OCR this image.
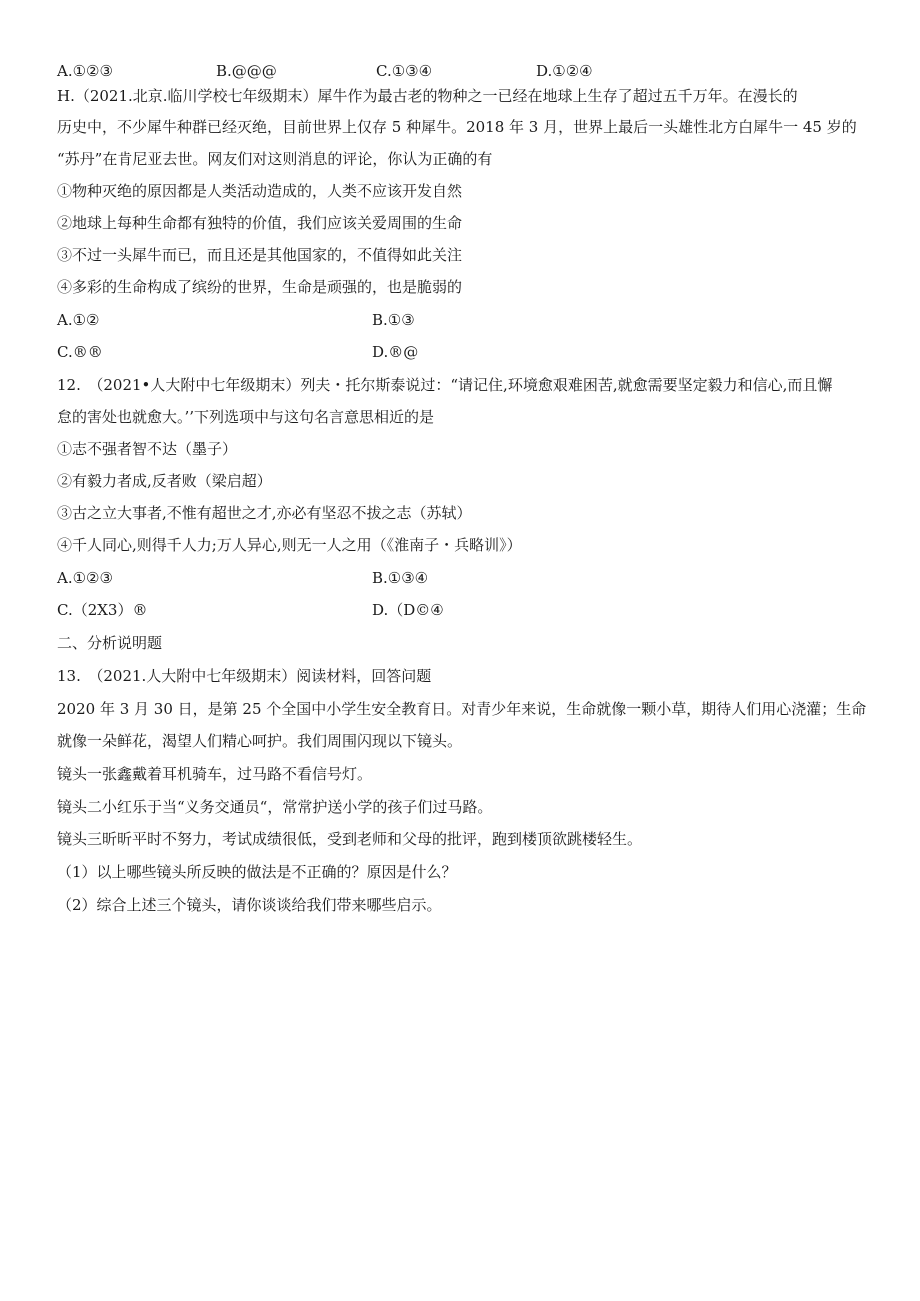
A.①②③	B.@@@	C.①③④	D.①②④
H.（2021.北京.临川学校七年级期末）犀牛作为最古老的物种之一已经在地球上生存了超过五千万年。在漫长的
历史中，不少犀牛种群已经灭绝，目前世界上仅存 5 种犀牛。2018 年 3 月，世界上最后一头雄性北方白犀牛一 45 岁的
“苏丹”在肯尼亚去世。网友们对这则消息的评论，你认为正确的有
①物种灭绝的原因都是人类活动造成的，人类不应该开发自然
②地球上每种生命都有独特的价值，我们应该关爱周围的生命
③不过一头犀牛而已，而且还是其他国家的，不值得如此关注
④多彩的生命构成了缤纷的世界，生命是顽强的，也是脆弱的
A.①②	B.①③
C.®®	D.®@
12.　（2021•人大附中七年级期末）列夫・托尔斯泰说过：“请记住,环境愈艰难困苦,就愈需要坚定毅力和信心,而且懈
怠的害处也就愈大。’’下列选项中与这句名言意思相近的是
①志不强者智不达（墨子）
②有毅力者成,反者败（梁启超）
③古之立大事者,不惟有超世之才,亦必有坚忍不拔之志（苏轼）
④千人同心,则得千人力;万人异心,则无一人之用（《淮南子・兵略训》）
A.①②③	B.①③④
C.（2X3）®	D.（D©④
二、分析说明题
13.　（2021.人大附中七年级期末）阅读材料，回答问题
2020 年 3 月 30 日，是第 25 个全国中小学生安全教育日。对青少年来说，生命就像一颗小草，期待人们用心浇灌；生命
就像一朵鲜花，渴望人们精心呵护。我们周围闪现以下镜头。
镜头一张鑫戴着耳机骑车，过马路不看信号灯。
镜头二小红乐于当“义务交通员“，常常护送小学的孩子们过马路。
镜头三昕昕平时不努力，考试成绩很低，受到老师和父母的批评，跑到楼顶欲跳楼轻生。
（1）以上哪些镜头所反映的做法是不正确的？原因是什么？
（2）综合上述三个镜头，请你谈谈给我们带来哪些启示。
